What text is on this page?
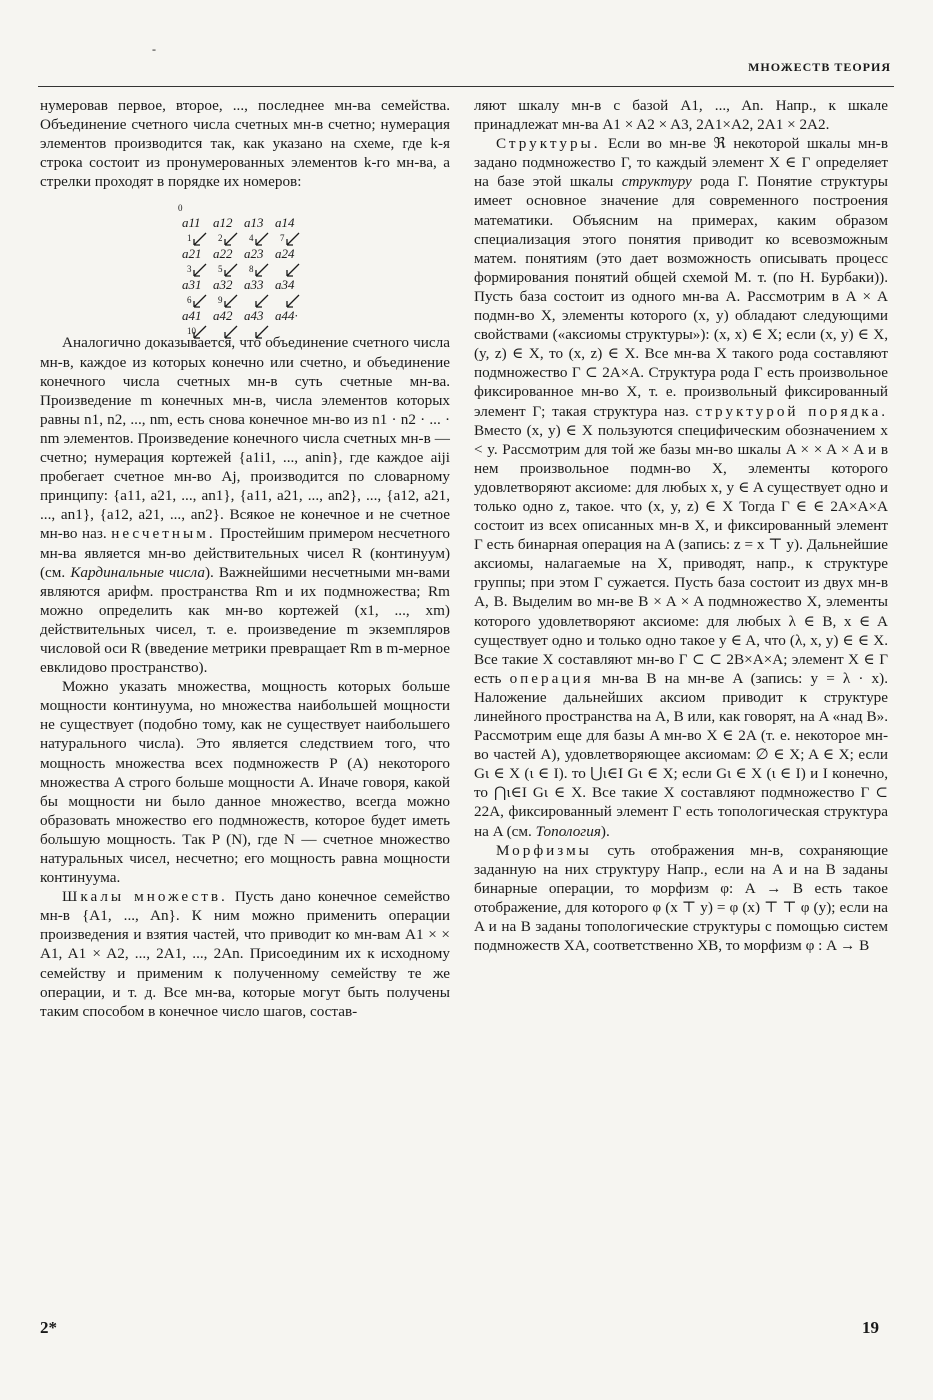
-
МНОЖЕСТВ ТЕОРИЯ

нумеровав первое, второе, ..., последнее мн-ва семейства. Объединение счетного числа счетных мн-в счетно; нумерация элементов производится так, как указано на схеме, где k-я строка состоит из пронумерованных элементов k-го мн-ва, а стрелки проходят в порядке их номеров:

a11 a12 a13 a14
a21 a22 a23 a24
a31 a32 a33 a34
a41 a42 a43 a44·
0
1	2
3
4
5
6
7
8
9
10

Аналогично доказывается, что объединение счетного числа мн-в, каждое из которых конечно или счетно, и объединение конечного числа счетных мн-в суть счетные мн-ва. Произведение m конечных мн-в, числа элементов которых равны n1, n2, ..., nm, есть снова конечное мн-во из n1 · n2 · ... · nm элементов. Произведение конечного числа счетных мн-в — счетно; нумерация кортежей {a1i1, ..., anin}, где каждое aiji пробегает счетное мн-во Aj, производится по словарному принципу: {a11, a21, ..., an1}, {a11, a21, ..., an2}, ..., {a12, a21, ..., an1}, {a12, a21, ..., an2}. Всякое не конечное и не счетное мн-во наз. несчетным. Простейшим примером несчетного мн-ва является мн-во действительных чисел R (континуум) (см. Кардинальные числа). Важнейшими несчетными мн-вами являются арифм. пространства Rm и их подмножества; Rm можно определить как мн-во кортежей (x1, ..., xm) действительных чисел, т. е. произведение m экземпляров числовой оси R (введение метрики превращает Rm в m-мерное евклидово пространство).

Можно указать множества, мощность которых больше мощности континуума, но множества наибольшей мощности не существует (подобно тому, как не существует наибольшего натурального числа). Это является следствием того, что мощность множества всех подмножеств P (A) некоторого множества A строго больше мощности A. Иначе говоря, какой бы мощности ни было данное множество, всегда можно образовать множество его подмножеств, которое будет иметь большую мощность. Так P (N), где N — счетное множество натуральных чисел, несчетно; его мощность равна мощности континуума.

Шкалы множеств. Пусть дано конечное семейство мн-в {A1, ..., An}. К ним можно применить операции произведения и взятия частей, что приводит ко мн-вам A1 × × A1, A1 × A2, ..., 2A1, ..., 2An. Присоединим их к исходному семейству и применим к полученному семейству те же операции, и т. д. Все мн-ва, которые могут быть получены таким способом в конечное число шагов, состав-

ляют шкалу мн-в с базой A1, ..., An. Напр., к шкале принадлежат мн-ва A1 × A2 × A3, 2A1×A2, 2A1 × 2A2.

Структуры. Если во мн-ве ℜ некоторой шкалы мн-в задано подмножество Г, то каждый элемент X ∈ Г определяет на базе этой шкалы структуру рода Г. Понятие структуры имеет основное значение для современного построения математики. Объясним на примерах, каким образом специализация этого понятия приводит ко всевозможным матем. понятиям (это дает возможность описывать процесс формирования понятий общей схемой М. т. (по Н. Бурбаки)). Пусть база состоит из одного мн-ва A. Рассмотрим в A × A подмн-во X, элементы которого (x, y) обладают следующими свойствами («аксиомы структуры»): (x, x) ∈ X; если (x, y) ∈ X, (y, z) ∈ X, то (x, z) ∈ X. Все мн-ва X такого рода составляют подмножество Г ⊂ 2A×A. Структура рода Г есть произвольное фиксированное мн-во X, т. е. произвольный фиксированный элемент Г; такая структура наз. структурой порядка. Вместо (x, y) ∈ X пользуются специфическим обозначением x < y. Рассмотрим для той же базы мн-во шкалы A × × A × A и в нем произвольное подмн-во X, элементы которого удовлетворяют аксиоме: для любых x, y ∈ A существует одно и только одно z, такое. что (x, y, z) ∈ X Тогда Г ∈ ∈ 2A×A×A состоит из всех описанных мн-в X, и фиксированный элемент Г есть бинарная операция на A (запись: z = x ⊤ y). Дальнейшие аксиомы, налагаемые на X, приводят, напр., к структуре группы; при этом Г сужается. Пусть база состоит из двух мн-в A, B. Выделим во мн-ве B × A × A подмножество X, элементы которого удовлетворяют аксиоме: для любых λ ∈ B, x ∈ A существует одно и только одно такое y ∈ A, что (λ, x, y) ∈ ∈ X. Все такие X составляют мн-во Г ⊂ ⊂ 2B×A×A; элемент X ∈ Г есть операция мн-ва B на мн-ве A (запись: y = λ · x). Наложение дальнейших аксиом приводит к структуре линейного пространства на A, B или, как говорят, на A «над B». Рассмотрим еще для базы A мн-во X ∈ 2A (т. е. некоторое мн-во частей A), удовлетворяющее аксиомам: ∅ ∈ X; A ∈ X; если Gι ∈ X (ι ∈ I). то ⋃ι∈I Gι ∈ X; если Gι ∈ X (ι ∈ I) и I конечно, то ⋂ι∈I Gι ∈ X. Все такие X составляют подмножество Г ⊂ 22A, фиксированный элемент Г есть топологическая структура на A (см. Топология).

Морфизмы суть отображения мн-в, сохраняющие заданную на них структуру Напр., если на A и на B заданы бинарные операции, то морфизм φ: A → B есть такое отображение, для которого φ (x ⊤ y) = φ (x) ⊤ ⊤ φ (y); если на A и на B заданы топологические структуры с помощью систем подмножеств XA, соответственно XB, то морфизм φ : A → B

2*	19
